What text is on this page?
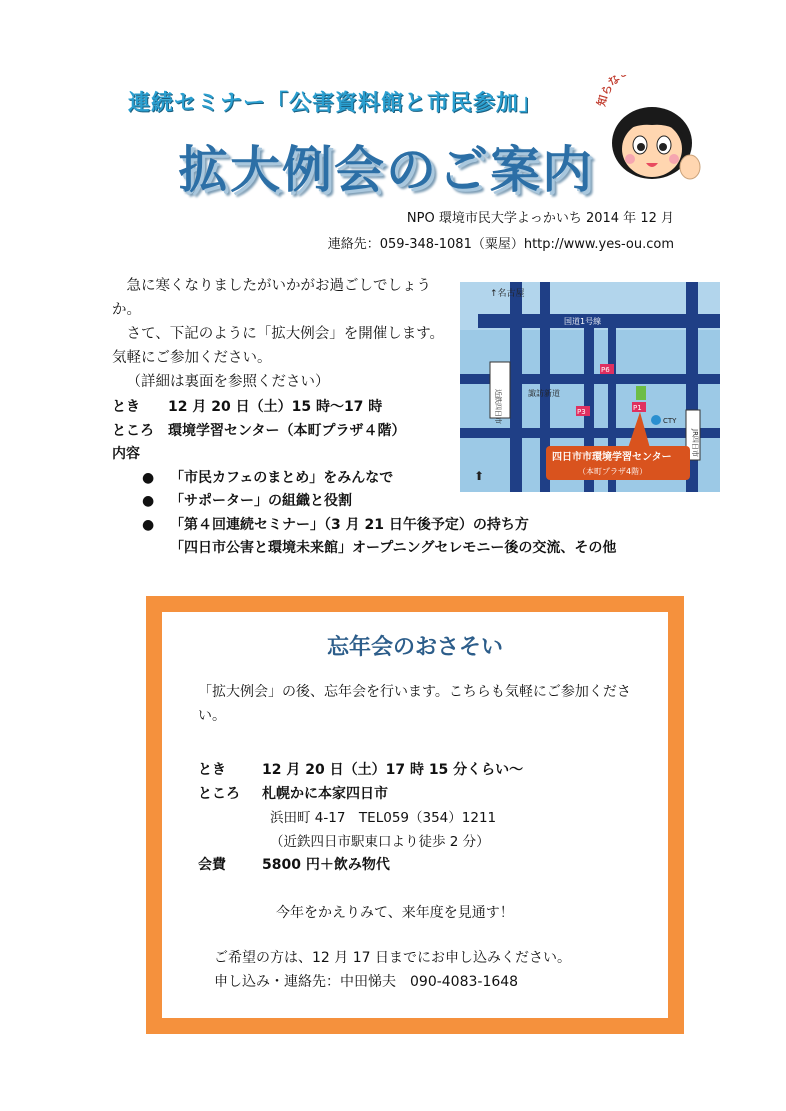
連続セミナー「公害資料館と市民参加」
拡大例会のご案内
知らな
NPO 環境市民大学よっかいち 2014 年 12 月
連絡先：059-348-1081（粟屋）http://www.yes-ou.com

急に寒くなりましたがいかがお過ごしでしょうか。

さて、下記のように「拡大例会」を開催します。気軽にご参加ください。

（詳細は裏面を参照ください）

とき	12 月 20 日（土）15 時～17 時
ところ	環境学習センター（本町プラザ４階）
内容
●	「市民カフェのまとめ」をみんなで
●	「サポーター」の組織と役割
●	「第４回連続セミナー」（3 月 21 日午後予定）の持ち方
「四日市公害と環境未来館」オープニングセレモニー後の交流、その他
↑名古屋
国道1号線
近鉄四日市	諏訪新道
P6
P3	P1
CTY
JR四日市
四日市市環境学習センター
（本町プラザ4階）
⬆
忘年会のおさそい

「拡大例会」の後、忘年会を行います。こちらも気軽にご参加ください。

とき	12 月 20 日（土）17 時 15 分くらい～
ところ	札幌かに本家四日市
浜田町 4-17　TEL059（354）1211
（近鉄四日市駅東口より徒歩 2 分）
会費	5800 円＋飲み物代
今年をかえりみて、来年度を見通す！

ご希望の方は、12 月 17 日までにお申し込みください。

申し込み・連絡先：中田悌夫　090-4083-1648
